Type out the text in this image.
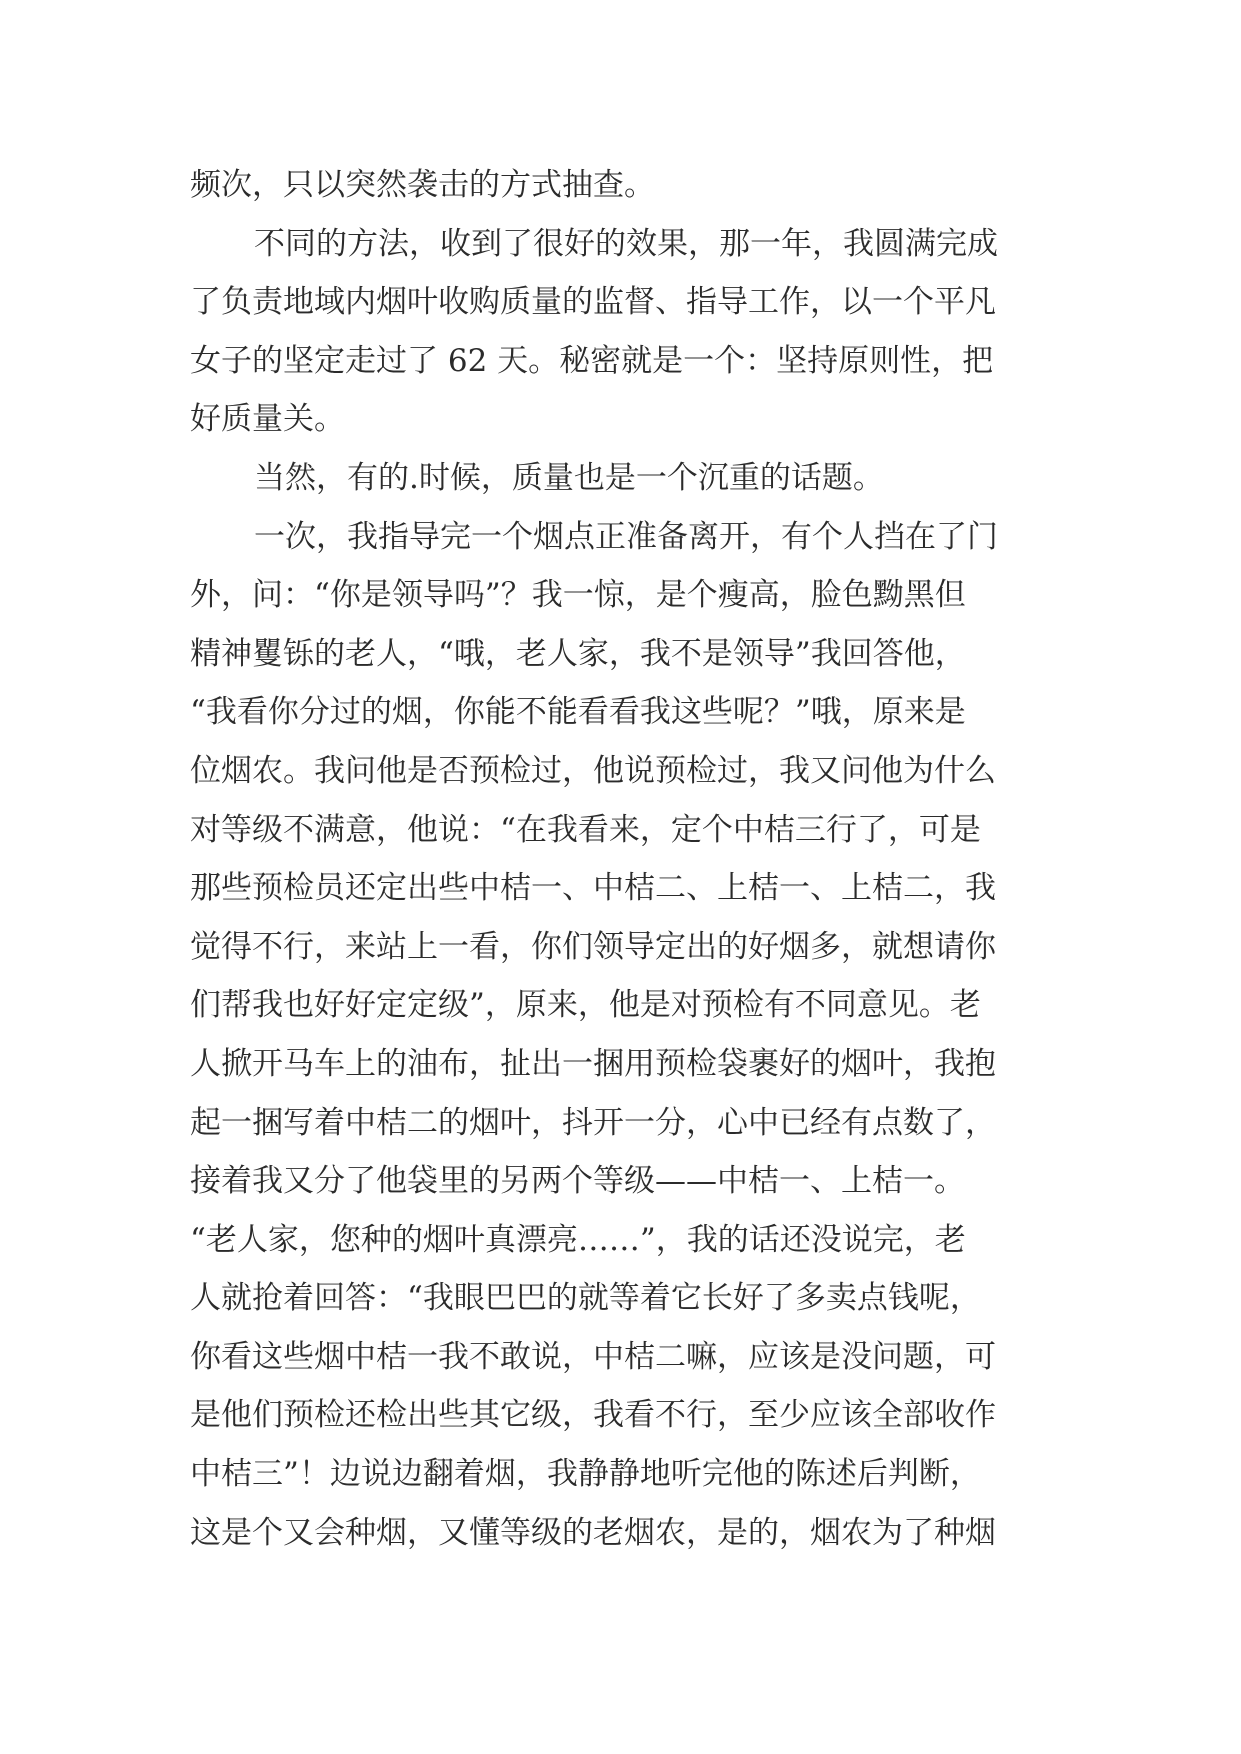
频次，只以突然袭击的方式抽查。
不同的方法，收到了很好的效果，那一年，我圆满完成
了负责地域内烟叶收购质量的监督、指导工作，以一个平凡
女子的坚定走过了 62 天。秘密就是一个：坚持原则性，把
好质量关。
当然，有的.时候，质量也是一个沉重的话题。
一次，我指导完一个烟点正准备离开，有个人挡在了门
外，问：“你是领导吗”？我一惊，是个瘦高，脸色黝黑但
精神矍铄的老人，“哦，老人家，我不是领导”我回答他，
“我看你分过的烟，你能不能看看我这些呢？”哦，原来是
位烟农。我问他是否预检过，他说预检过，我又问他为什么
对等级不满意，他说：“在我看来，定个中桔三行了，可是
那些预检员还定出些中桔一、中桔二、上桔一、上桔二，我
觉得不行，来站上一看，你们领导定出的好烟多，就想请你
们帮我也好好定定级”，原来，他是对预检有不同意见。老
人掀开马车上的油布，扯出一捆用预检袋裹好的烟叶，我抱
起一捆写着中桔二的烟叶，抖开一分，心中已经有点数了，
接着我又分了他袋里的另两个等级——中桔一、上桔一。
“老人家，您种的烟叶真漂亮……”，我的话还没说完，老
人就抢着回答：“我眼巴巴的就等着它长好了多卖点钱呢，
你看这些烟中桔一我不敢说，中桔二嘛，应该是没问题，可
是他们预检还检出些其它级，我看不行，至少应该全部收作
中桔三”！边说边翻着烟，我静静地听完他的陈述后判断，
这是个又会种烟，又懂等级的老烟农，是的，烟农为了种烟
